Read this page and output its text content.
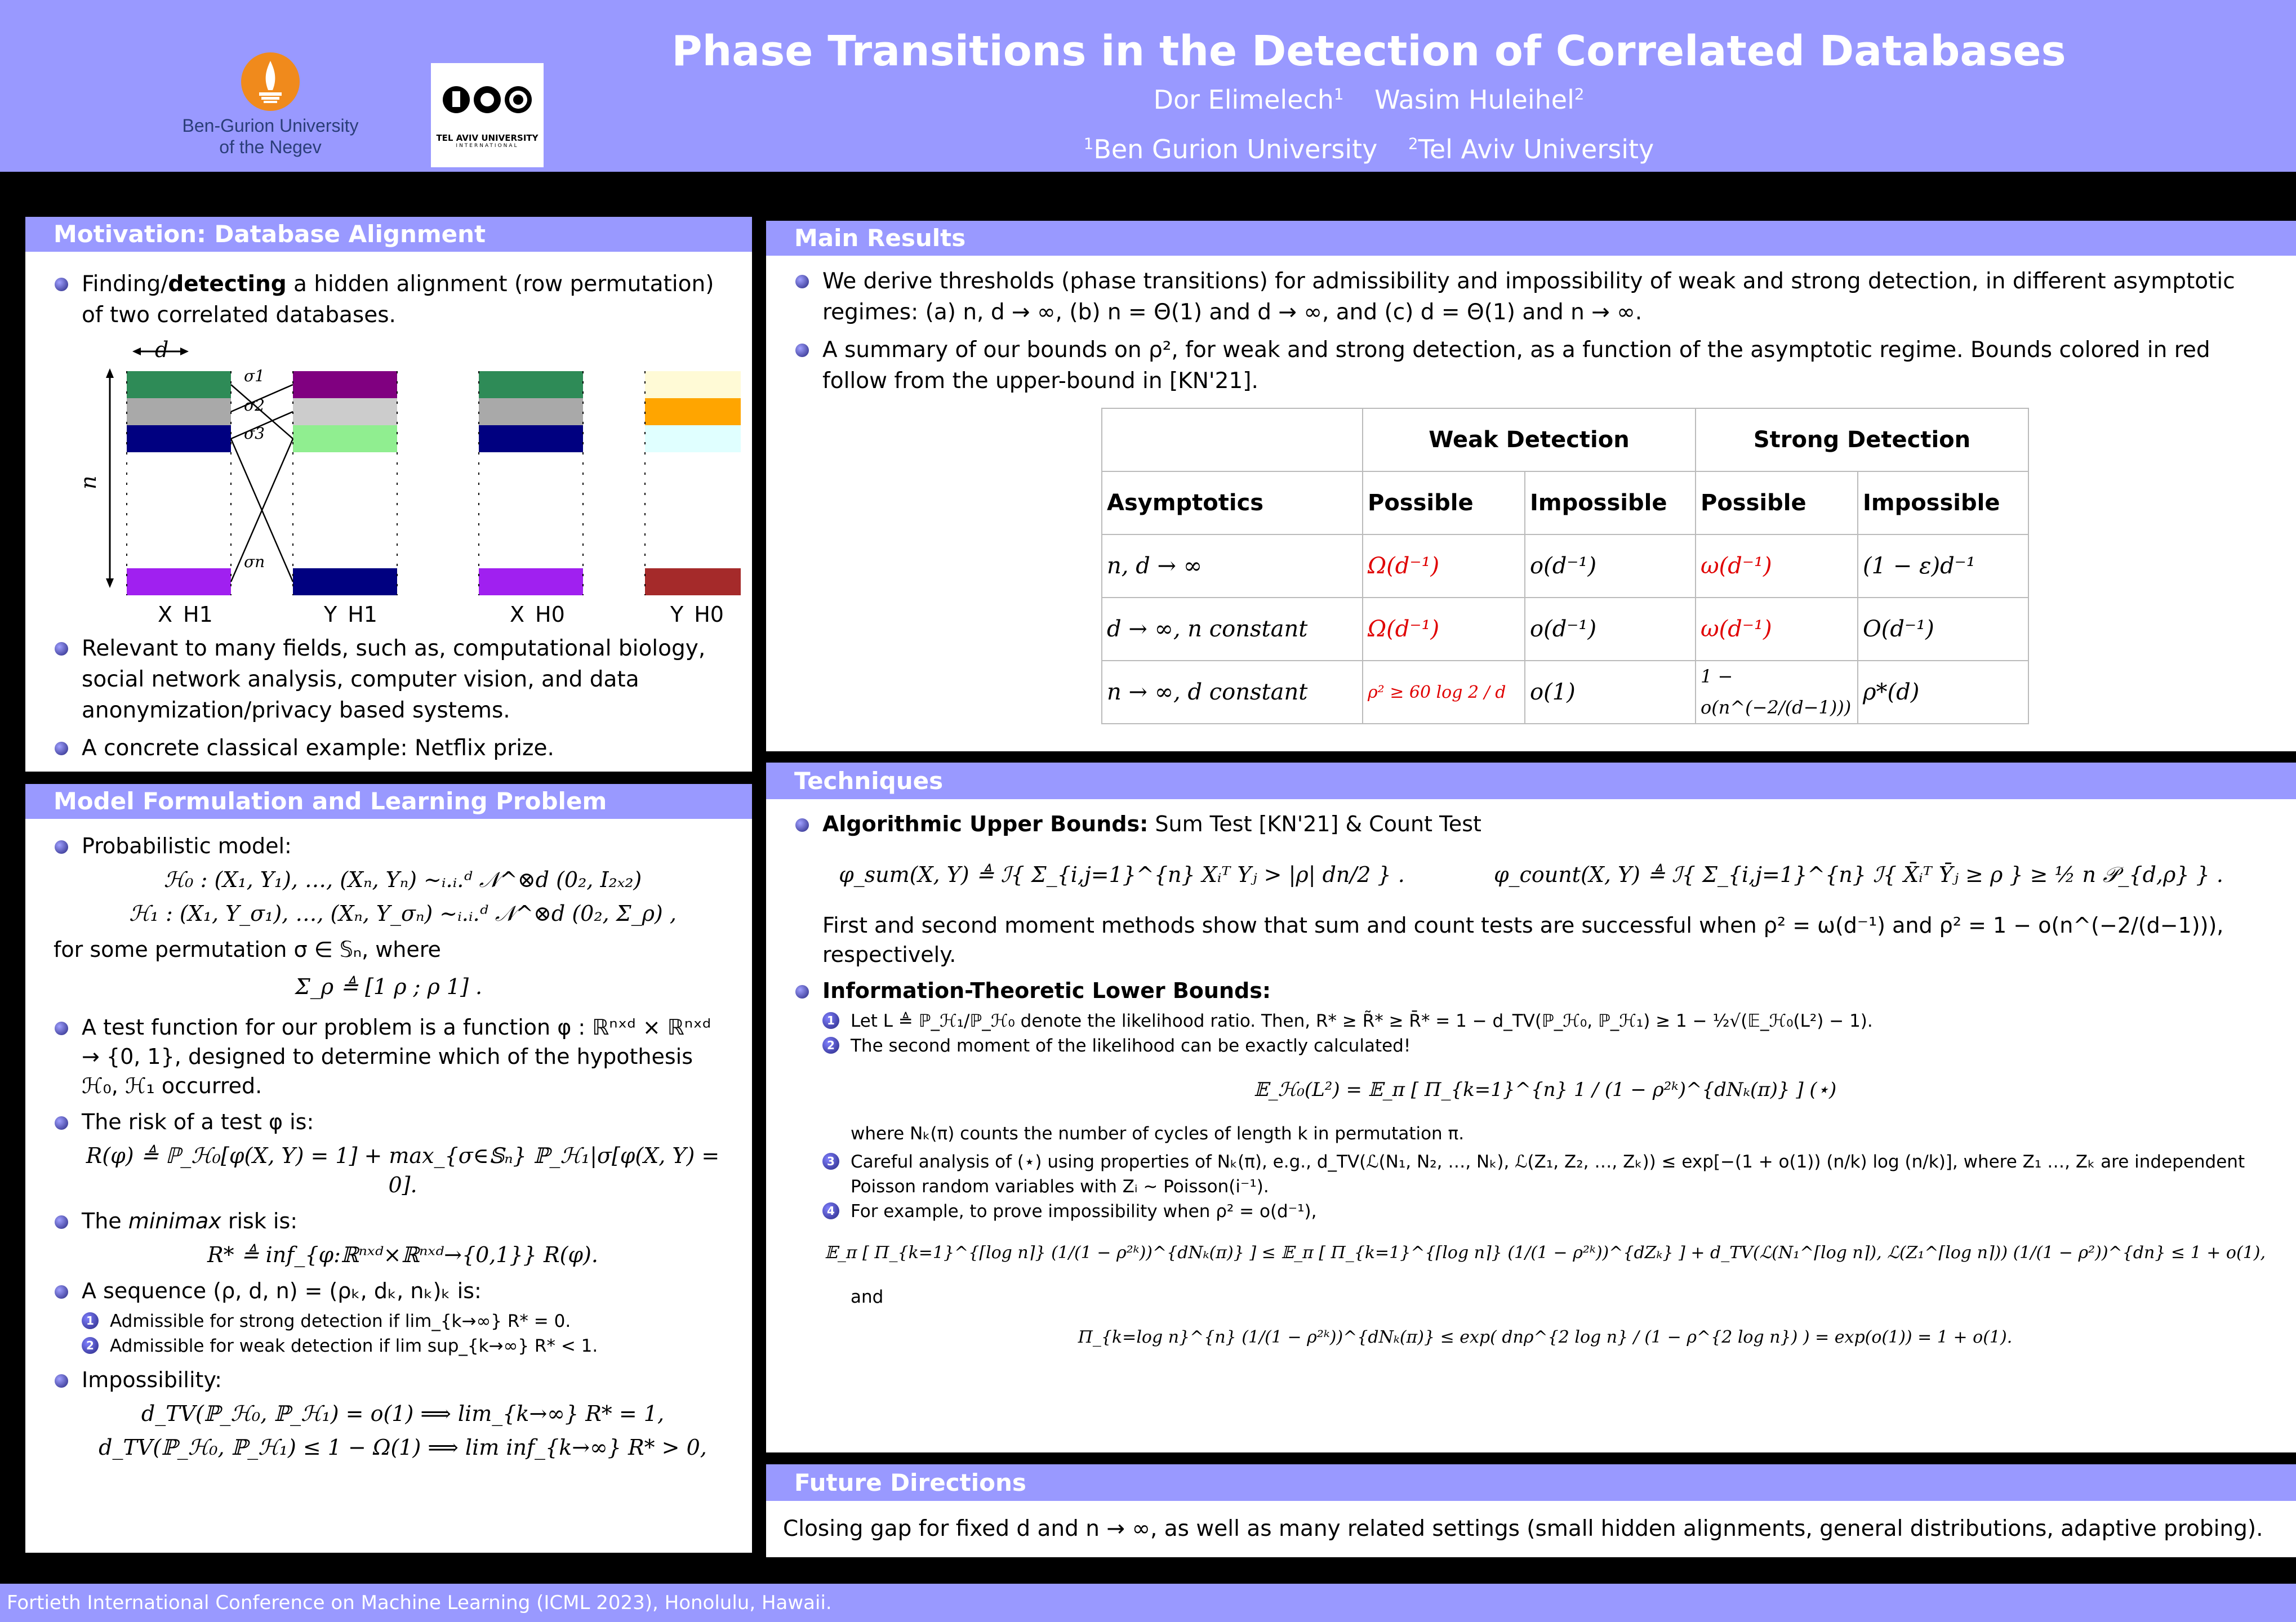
Ben-Gurion University
of the Negev	TEL AVIV UNIVERSITY
INTERNATIONAL
Phase Transitions in the Detection of Correlated Databases
Dor Elimelech$^1$ Wasim Huleihel$^2$
$^1$Ben Gurion University $^2$Tel Aviv University
Motivation: Database Alignment
Finding/detecting a hidden alignment (row permutation) of two correlated databases.
d
n
σ1
σ2
σ3
σn
X_H1	Y_H1	X_H0	Y_H0
Relevant to many fields, such as, computational biology, social network analysis, computer vision, and data anonymization/privacy based systems.
A concrete classical example: Netflix prize.
Model Formulation and Learning Problem
Probabilistic model:
ℋ₀ : (X₁, Y₁), …, (Xₙ, Yₙ) ~ᵢ.ᵢ.ᵈ 𝒩^⊗d (0₂, I₂ₓ₂)
ℋ₁ : (X₁, Y_σ₁), …, (Xₙ, Y_σₙ) ~ᵢ.ᵢ.ᵈ 𝒩^⊗d (0₂, Σ_ρ) ,
for some permutation σ ∈ 𝕊ₙ, where
Σ_ρ ≜ [1 ρ ; ρ 1] .
A test function for our problem is a function φ : ℝⁿˣᵈ × ℝⁿˣᵈ → {0, 1}, designed to determine which of the hypothesis ℋ₀, ℋ₁ occurred.
The risk of a test φ is:
R(φ) ≜ ℙ_ℋ₀[φ(X, Y) = 1] + max_{σ∈𝕊ₙ} ℙ_ℋ₁|σ[φ(X, Y) = 0].
The minimax risk is:
R* ≜ inf_{φ:ℝⁿˣᵈ×ℝⁿˣᵈ→{0,1}} R(φ).
A sequence (ρ, d, n) = (ρₖ, dₖ, nₖ)ₖ is:
1 Admissible for strong detection if lim_{k→∞} R* = 0.
2 Admissible for weak detection if lim sup_{k→∞} R* < 1.
Impossibility:
d_TV(ℙ_ℋ₀, ℙ_ℋ₁) = o(1) ⟹ lim_{k→∞} R* = 1,
d_TV(ℙ_ℋ₀, ℙ_ℋ₁) ≤ 1 − Ω(1) ⟹ lim inf_{k→∞} R* > 0,
Main Results
We derive thresholds (phase transitions) for admissibility and impossibility of weak and strong detection, in different asymptotic regimes: (a) n, d → ∞, (b) n = Θ(1) and d → ∞, and (c) d = Θ(1) and n → ∞.
A summary of our bounds on ρ², for weak and strong detection, as a function of the asymptotic regime. Bounds colored in red follow from the upper-bound in [KN'21].
	Weak Detection		Strong Detection	
Asymptotics	Possible	Impossible	Possible	Impossible
n, d → ∞	Ω(d⁻¹)	o(d⁻¹)	ω(d⁻¹)	(1 − ε)d⁻¹
d → ∞, n constant	Ω(d⁻¹)	o(d⁻¹)	ω(d⁻¹)	O(d⁻¹)
n → ∞, d constant	ρ² ≥ 60 log 2 / d	o(1)	1 − o(n^(−2/(d−1)))	ρ*(d)
Techniques
Algorithmic Upper Bounds: Sum Test [KN'21] & Count Test
φ_sum(X, Y) ≜ ℐ{ Σ_{i,j=1}^{n} Xᵢᵀ Yⱼ > |ρ| dn/2 } .	φ_count(X, Y) ≜ ℐ{ Σ_{i,j=1}^{n} ℐ{ X̄ᵢᵀ Ȳⱼ ≥ ρ } ≥ ½ n 𝒫_{d,ρ} } .
First and second moment methods show that sum and count tests are successful when ρ² = ω(d⁻¹) and ρ² = 1 − o(n^(−2/(d−1))), respectively.
Information-Theoretic Lower Bounds:
1 Let L ≜ ℙ_ℋ₁/ℙ_ℋ₀ denote the likelihood ratio. Then, R* ≥ R̃* ≥ R̄* = 1 − d_TV(ℙ_ℋ₀, ℙ_ℋ₁) ≥ 1 − ½√(𝔼_ℋ₀(L²) − 1).
2 The second moment of the likelihood can be exactly calculated!
𝔼_ℋ₀(L²) = 𝔼_π [ Π_{k=1}^{n} 1 / (1 − ρ²ᵏ)^{dNₖ(π)} ] (⋆)
where Nₖ(π) counts the number of cycles of length k in permutation π.
3 Careful analysis of (⋆) using properties of Nₖ(π), e.g., d_TV(ℒ(N₁, N₂, …, Nₖ), ℒ(Z₁, Z₂, …, Zₖ)) ≤ exp[−(1 + o(1)) (n/k) log (n/k)], where Z₁ …, Zₖ are independent Poisson random variables with Zᵢ ~ Poisson(i⁻¹).
4 For example, to prove impossibility when ρ² = o(d⁻¹),
𝔼_π [ Π_{k=1}^{⌈log n⌉} (1/(1 − ρ²ᵏ))^{dNₖ(π)} ] ≤ 𝔼_π [ Π_{k=1}^{⌈log n⌉} (1/(1 − ρ²ᵏ))^{dZₖ} ] + d_TV(ℒ(N₁^⌈log n⌉), ℒ(Z₁^⌈log n⌉)) (1/(1 − ρ²))^{dn} ≤ 1 + o(1),
and
Π_{k=log n}^{n} (1/(1 − ρ²ᵏ))^{dNₖ(π)} ≤ exp( dnρ^{2 log n} / (1 − ρ^{2 log n}) ) = exp(o(1)) = 1 + o(1).
Future Directions
Closing gap for fixed d and n → ∞, as well as many related settings (small hidden alignments, general distributions, adaptive probing).
Fortieth International Conference on Machine Learning (ICML 2023), Honolulu, Hawaii.
